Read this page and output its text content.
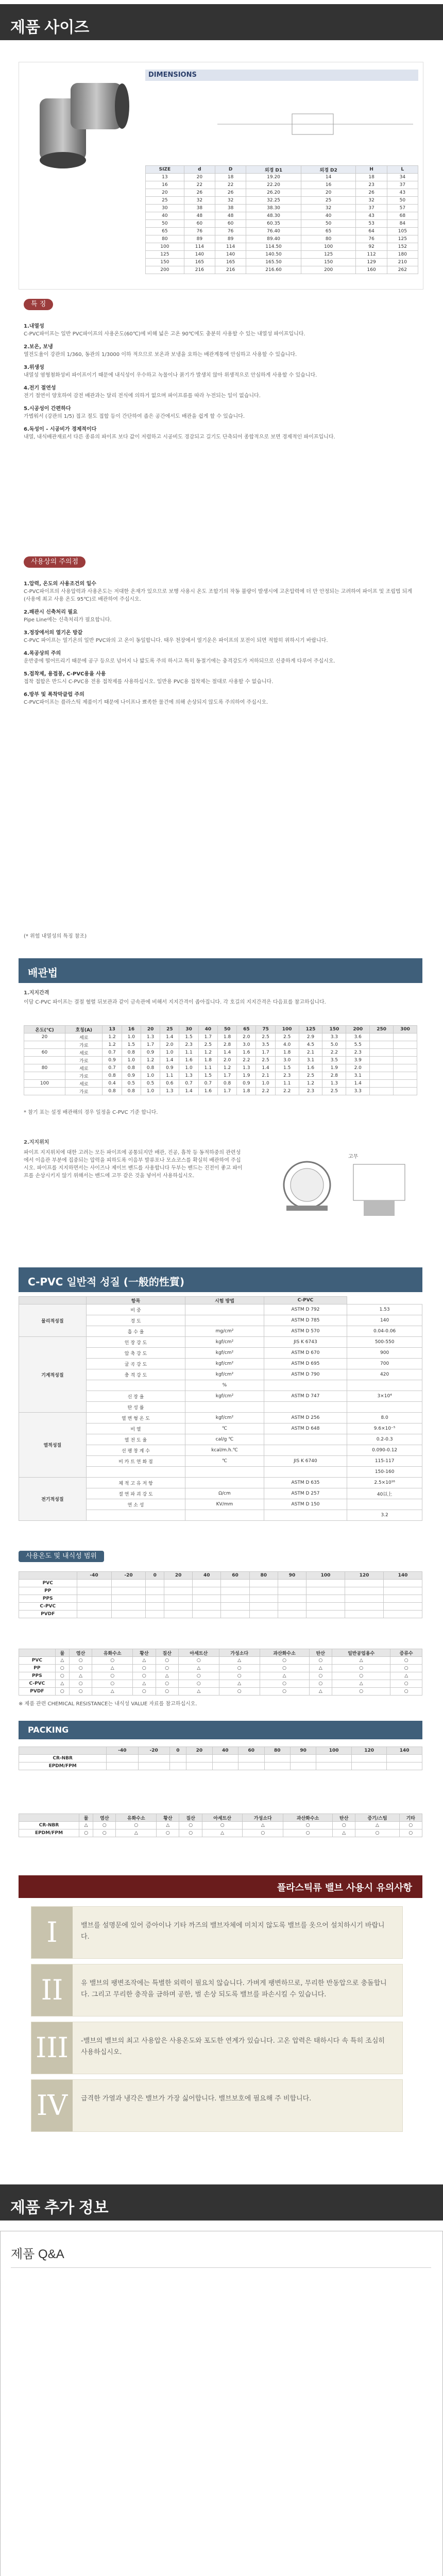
제품 사이즈
DIMENSIONS
SIZE	d	D	외경 D1	외경 D2	H	L
13	20	18	19.20	14	18	34
16	22	22	22.20	16	23	37
20	26	26	26.20	20	26	43
25	32	32	32.25	25	32	50
30	38	38	38.30	32	37	57
40	48	48	48.30	40	43	68
50	60	60	60.35	50	53	84
65	76	76	76.40	65	64	105
80	89	89	89.40	80	76	125
100	114	114	114.50	100	92	152
125	140	140	140.50	125	112	180
150	165	165	165.50	150	129	210
200	216	216	216.60	200	160	262
특 징
1.내열성
C-PVC파이프는 일반 PVC파이프의 사용온도(60℃)에 비해 넓은 고온 90℃에도 충분히 사용할 수 있는 내열성 파이프입니다.
2.보온, 보냉
열전도율이 강관의 1/360, 동관의 1/3000 이하 적으므로 보온과 보냉을 요하는 배관계통에 안심하고 사용할 수 있습니다.
3.위생성
내열성 염형첨화성비 파이프이기 때문에 내식성이 우수하고 녹물이나 붉기가 발생치 않아 위생적으로 안심하게 사용할 수 있습니다.
4.전기 절연성
전기 절연이 양호하여 감전 배관과는 달리 전식에 의하거 없으며 파이프류를 따라 누전되는 일이 없습니다.
5.시공성이 간편하다
가볍워서 (강관의 1/5) 접고 절도 접합 등이 간단하여 좁은 공간에서도 배관을 쉽게 할 수 있습니다.
6.독성이 - 시공비가 경제적이다
내열, 내식배관재료서 다른 종류의 파이프 보다 값이 저렴하고 시공비도 경감되고 길기도 단축되어 종합적으로 보면 경제적인 파이프입니다.
사용상의 주의점
1.압력, 온도의 사용조건의 일수
C-PVC파이프의 사용압력과 사용온도는 저대한 온재가 있으므로 보행 사용시 온도 조합기의 작동 불량이 발생시에 고온압력에 더 만 안정되는 고려하여 파이프 및 조립법 되게 (사용에 최고 사용 온도 95℃)로 배관하여 주십시오.
2.패관시 신축처리 필요
Pipe Line에는 신축처리가 필요합니다.
3.정장에서의 열기온 방갈
C-PVC 파이프는 열기온의 일반 PVC와의 고 온이 동일합니다. 태우 천장에서 열기운은 파이프의 포전이 되면 적합히 위하시기 바랍니다.
4.목공상의 주의
운반중에 떨어뜨리기 때문에 공구 등으로 넘어지 나 밟도록 주의 하시고 특히 동절기에는 충격강도가 저하되므로 신중하게 다루어 주십시오.
5.접착제, 용접봉, C-PVC용을 사용
접착 접합은 반드시 C-PVC용 전용 접착제를 사용하십시오. 일반용 PVC용 접착제는 절대로 사용할 수 없습니다.
6.방부 및 폭착막클럽 주의
C-PVC파이프는 플라스틱 제품이기 때문에 나이프나 뾰족한 물건에 의해 손상되지 않도록 주의하여 주십시오.
(* 위험 내열성의 특징 참조)
배관법
1.지지간격
이담 C-PVC 파이프는 결절 혈렬 뒤보관과 같이 금속관에 비해서 지지간격이 좁아집니다. 각 호길의 지지간격은 다음표를 참고하십니다.
온도(℃)	호칭(A)	13	16	20	25	30	40	50	65	75	100	125	150	200	250	300
20	세로	1.2	1.0	1.3	1.4	1.5	1.7	1.8	2.0	2.5	2.5	2.9	3.3	3.6		
	가로	1.2	1.5	1.7	2.0	2.3	2.5	2.8	3.0	3.5	4.0	4.5	5.0	5.5		
60	세로	0.7	0.8	0.9	1.0	1.1	1.2	1.4	1.6	1.7	1.8	2.1	2.2	2.3		
	가로	0.9	1.0	1.2	1.4	1.6	1.8	2.0	2.2	2.5	3.0	3.1	3.5	3.9		
80	세로	0.7	0.8	0.8	0.9	1.0	1.1	1.2	1.3	1.4	1.5	1.6	1.9	2.0		
	가로	0.8	0.9	1.0	1.1	1.3	1.5	1.7	1.9	2.1	2.3	2.5	2.8	3.1		
100	세로	0.4	0.5	0.5	0.6	0.7	0.7	0.8	0.9	1.0	1.1	1.2	1.3	1.4		
	가로	0.8	0.8	1.0	1.3	1.4	1.6	1.7	1.8	2.2	2.2	2.3	2.5	3.3		
* 참기 표는 설정 배관해의 경우 일정을 C-PVC 기준 합니다.
2.지지위치
파이프 지지위치에 대한 고려는 모든 파이프에 공통되지만 배관, 진공, 흡착 등 동적하중의 관련성에서 이음관 부분에 집중되는 압력을 피하도록 이음부 발류포나 모쇼코스를 확실히 배관하여 주십시오. 파이프를 지지하면서는 사이즈나 제이브 밴드를 사용합니다 두부는 밴드는 진전이 좋고 파이프를 손상시키지 않기 위해서는 밴드에 고무 같은 것을 넣어서 사용하십시오.
고무
C-PVC 일반적 성질 (一般的性質)
	항목	시험 방법	C-PVC	
물리적성질	비 중		ASTM D 792	1.53
	경 도		ASTM D 785	140
	흡 수 율	mg/cm²	ASTM D 570	0.04-0.06
기계적성질	인 장 강 도	kgf/cm²	JIS K 6743	500-550
	압 축 강 도	kgf/cm²	ASTM D 670	900
	굴 곡 강 도	kgf/cm²	ASTM D 695	700
	충 격 강 도	kgf/cm²	ASTM D 790	420
		%		
	신 장 율	kgf/cm²	ASTM D 747	3×10⁴
	탄 성 률			
열적성질	열 변 형 온 도	kgf/cm²	ASTM D 256	8.0
	비 열	℃	ASTM D 648	9.6×10⁻⁵
	열 전 도 율	cal/g ℃		0.2-0.3
	선 팽 창 계 수	kcal/m.h.℃		0.090-0.12
	비 카 트 연 화 점	℃	JIS K 6740	115-117
				150-160
전기적성질	체 적 고 유 저 항		ASTM D 635	2.5×10¹⁶
	절 연 파 괴 강 도	Ω/cm	ASTM D 257	40以上
	연 소 성	KV/mm	ASTM D 150	
				3.2
사용온도 및 내식성 범위
	-40	-20	0	20	40	60	80	90	100	120	140
PVC											
PP											
PPS											
C-PVC											
PVDF											
	물	염산	유화수소	황산	질산	아세트산	가성소다	과산화수소	탄산	일반공업용수	증류수
PVC	△	○	○	△	○	○	△	○	○	△	○
PP	○	○	△	○	○	△	○	○	△	○	○
PPS	○	△	○	○	△	○	○	△	○	○	△
C-PVC	△	○	○	△	○	○	△	○	○	△	○
PVDF	○	○	△	○	○	△	○	○	△	○	○
※ 제품 관련 CHEMICAL RESISTANCE는 내식성 VALUE 자료를 참고하십시오.
PACKING
	-40	-20	0	20	40	60	80	90	100	120	140
CR-NBR											
EPDM/FPM											
	물	염산	유화수소	황산	질산	아세트산	가성소다	과산화수소	탄산	증기/스팀	기타
CR-NBR	△	○	○	△	○	○	△	○	○	△	○
EPDM/FPM	○	○	△	○	○	△	○	○	△	○	○
플라스틱류 밸브 사용시 유의사항
I	밸브를 설명문에 있어 증아이나 기타 까즈의 밸브자체에 미치지 않도록 밸브를 옷으어 설치하시기 바랍니다.
II	유 밸브의 팽변조작에는 특별한 외력이 필요치 않습니다. 가벼게 팽변하므로, 무리한 반동압으로 충돌합니다. 그리고 무리한 충작을 금하며 공한, 벌 손상 되도록 밸브를 파손시킬 수 있습니다.
III	-밸브의 밸브의 최고 사용압은 사용온도와 포도한 연계가 있습니다. 고온 압력은 태하시다 속 특히 조심히 사용하십시오.
IV	급격한 가열과 냉각은 밸브가 가장 싫어합니다. 밸브보호에 필요해 주 비합니다.
제품 추가 정보
제품 Q&A
